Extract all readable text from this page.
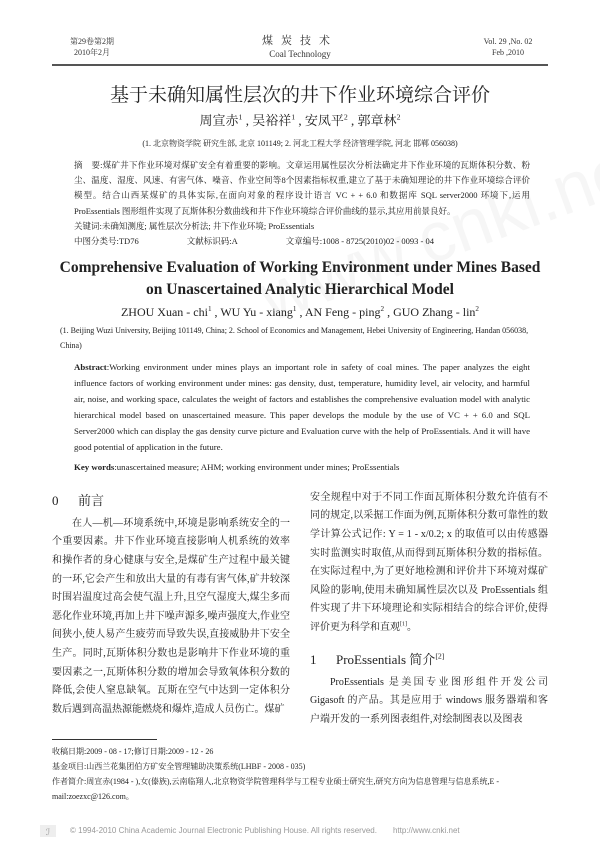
第29卷第2期
2010年2月
煤炭技术
Coal Technology
Vol. 29 ,No. 02
Feb ,2010
基于未确知属性层次的井下作业环境综合评价
周宣赤$^1$ , 吴裕祥$^1$ , 安凤平$^2$ , 郭章林$^2$
(1. 北京物资学院 研究生部, 北京 101149; 2. 河北工程大学 经济管理学院, 河北 邯郸 056038)
摘　要:煤矿井下作业环境对煤矿安全有着重要的影响。文章运用属性层次分析法确定井下作业环境的瓦斯体积分数、粉尘、温度、湿度、风速、有害气体、噪音、作业空间等8个因素指标权重,建立了基于未确知理论的井下作业环境综合评价模型。结合山西某煤矿的具体实际,在面向对象的程序设计语言 VC + + 6.0 和数据库 SQL server2000 环境下,运用 ProEssentials 图形组件实现了瓦斯体积分数曲线和井下作业环境综合评价曲线的显示,其应用前景良好。
关键词:未确知测度; 属性层次分析法; 井下作业环境; ProEssentials
中图分类号:TD76	文献标识码:A	文章编号:1008 - 8725(2010)02 - 0093 - 04
Comprehensive Evaluation of Working Environment under Mines Based
on Unascertained Analytic Hierarchical Model
ZHOU Xuan - chi$^1$ , WU Yu - xiang$^1$ , AN Feng - ping$^2$ , GUO Zhang - lin$^2$
(1. Beijing Wuzi University, Beijing 101149, China; 2. School of Economics and Management, Hebei University of Engineering, Handan 056038, China)
Abstract:Working environment under mines plays an important role in safety of coal mines. The paper analyzes the eight influence factors of working environment under mines: gas density, dust, temperature, humidity level, air velocity, and harmful air, noise, and working space, calculates the weight of factors and establishes the comprehensive evaluation model with analytic hierarchical model based on unascertained measure. This paper develops the module by the use of VC + + 6.0 and SQL Server2000 which can display the gas density curve picture and Evaluation curve with the help of ProEssentials. And it will have good potential of application in the future.
Key words:unascertained measure; AHM; working environment under mines; ProEssentials
0 前言

在人—机—环境系统中,环境是影响系统安全的一个重要因素。井下作业环境直接影响人机系统的效率和操作者的身心健康与安全,是煤矿生产过程中最关键的一环,它会产生和放出大量的有毒有害气体,矿井较深时围岩温度过高会使气温上升,且空气湿度大,煤尘多而恶化作业环境,再加上井下噪声源多,噪声强度大,作业空间狭小,使人易产生疲劳而导致失误,直接威胁井下安全生产。同时,瓦斯体积分数也是影响井下作业环境的重要因素之一,瓦斯体积分数的增加会导致氧体积分数的降低,会使人窒息缺氧。瓦斯在空气中达到一定体积分数后遇到高温热源能燃烧和爆炸,造成人员伤亡。煤矿

安全规程中对于不同工作面瓦斯体积分数允许值有不同的规定,以采掘工作面为例,瓦斯体积分数可靠性的数学计算公式记作: Y = 1 - x/0.2; x 的取值可以由传感器实时监测实时取值,从而得到瓦斯体积分数的指标值。在实际过程中,为了更好地检测和评价井下环境对煤矿风险的影响,使用未确知属性层次以及 ProEssentials 组件实现了井下环境理论和实际相结合的综合评价,使得评价更为科学和直观[1]。

1 ProEssentials 简介[2]

ProEssentials 是美国专业图形组件开发公司 Gigasoft 的产品。其是应用于 windows 服务器端和客户端开发的一系列图表组件,对绘制图表以及图表

收稿日期:2009 - 08 - 17;修订日期:2009 - 12 - 26
基金项目:山西兰花集团伯方矿安全管理辅助决策系统(LHBF - 2008 - 035)
作者简介:周宣赤(1984 - ),女(傣族),云南临翔人,北京物资学院管理科学与工程专业硕士研究生,研究方向为信息管理与信息系统,E - mail:zoezxc@126.com。
ℐ © 1994-2010 China Academic Journal Electronic Publishing House. All rights reserved. http://www.cnki.net
